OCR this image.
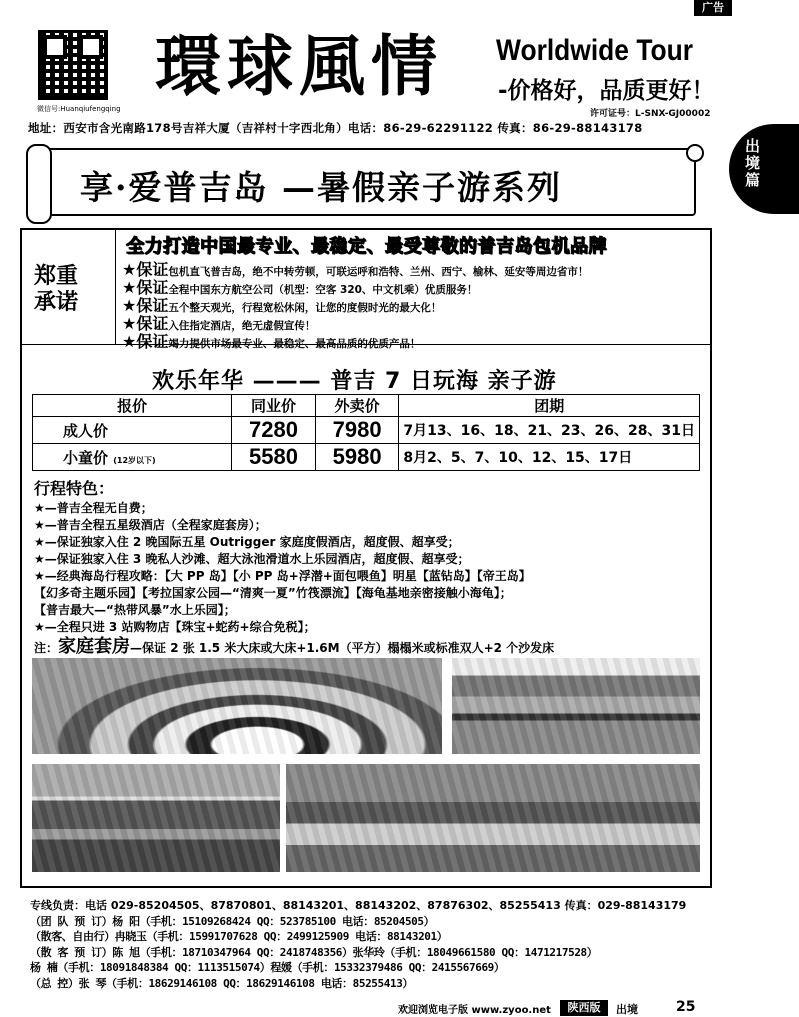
广告
出境篇
微信号:Huanqiufengqing
環球風情 Worldwide Tour
-价格好，品质更好！
许可证号：L-SNX-GJ00002
地址：西安市含光南路178号吉祥大厦（吉祥村十字西北角）电话：86-29-62291122 传真：86-29-88143178
享·爱普吉岛 —暑假亲子游系列
郑重承诺
全力打造中国最专业、最稳定、最受尊敬的普吉岛包机品牌
★保证包机直飞普吉岛，绝不中转劳顿，可联运呼和浩特、兰州、西宁、榆林、延安等周边省市！
★保证全程中国东方航空公司（机型：空客 320、中文机乘）优质服务！
★保证五个整天观光，行程宽松休闲，让您的度假时光的最大化！
★保证入住指定酒店，绝无虚假宣传！
★保证竭力提供市场最专业、最稳定、最高品质的优质产品！
欢乐年华 ——— 普吉 7 日玩海 亲子游
报价	同业价	外卖价	团期
成人价	7280	7980	7月13、16、18、21、23、26、28、31日
小童价 (12岁以下)	5580	5980	8月2、5、7、10、12、15、17日
行程特色：
★—普吉全程无自费；
★—普吉全程五星级酒店（全程家庭套房）；
★—保证独家入住 2 晚国际五星 Outrigger 家庭度假酒店，超度假、超享受；
★—保证独家入住 3 晚私人沙滩、超大泳池滑道水上乐园酒店，超度假、超享受；
★—经典海岛行程攻略：【大 PP 岛】【小 PP 岛+浮潜+面包喂鱼】明星【蓝钻岛】【帝王岛】
【幻多奇主题乐园】【考拉国家公园—“清爽一夏”竹筏漂流】【海龟基地亲密接触小海龟】；
【普吉最大—“热带风暴”水上乐园】；
★—全程只进 3 站购物店【珠宝+蛇药+综合免税】；
注：家庭套房—保证 2 张 1.5 米大床或大床+1.6M（平方）榻榻米或标准双人+2 个沙发床
专线负责：电话 029-85204505、87870801、88143201、88143202、87876302、85255413 传真：029-88143179
（团 队 预 订）杨 阳（手机：15109268424 QQ：523785100 电话：85204505）
（散客、自由行）冉晓玉（手机：15991707628 QQ：2499125909 电话：88143201）
（散 客 预 订）陈 旭（手机：18710347964 QQ：2418748356）张华玲（手机：18049661580 QQ：1471217528）
杨 楠（手机：18091848384 QQ：1113515074）程媛（手机：15332379486 QQ：2415567669）
（总 控）张 琴（手机：18629146108 QQ：18629146108 电话：85255413）
欢迎浏览电子版 www.zyoo.net	陕西版	出境	25
